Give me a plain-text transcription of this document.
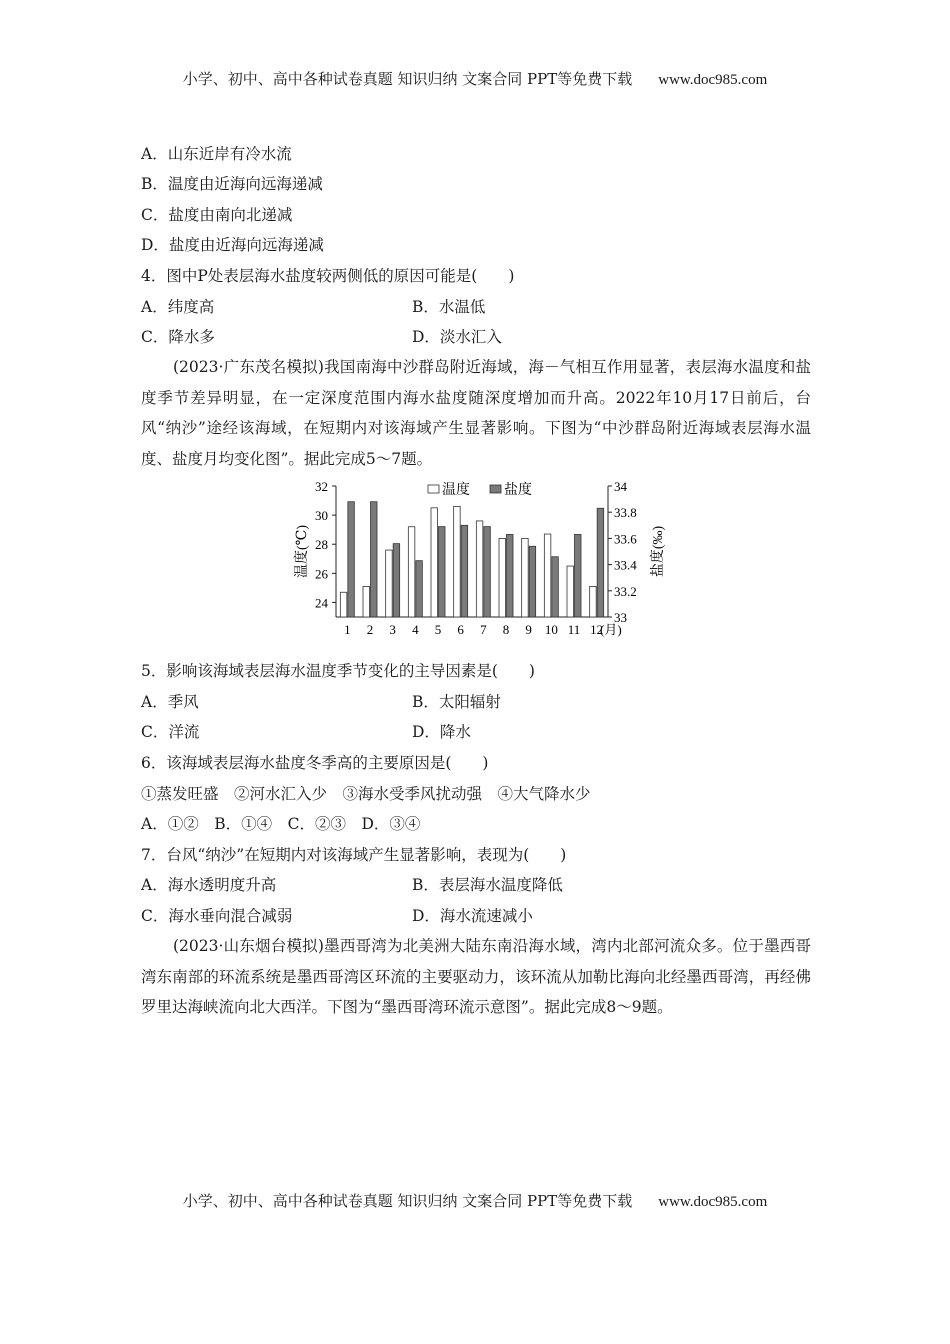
小学、初中、高中各种试卷真题 知识归纳 文案合同 PPT等免费下载 www.doc985.com
A．山东近岸有冷水流
B．温度由近海向远海递减
C．盐度由南向北递减
D．盐度由近海向远海递减
4．图中P处表层海水盐度较两侧低的原因可能是(　　)
A．纬度高	B．水温低
C．降水多	D．淡水汇入

(2023·广东茂名模拟)我国南海中沙群岛附近海域，海－气相互作用显著，表层海水温度和盐度季节差异明显，在一定深度范围内海水盐度随深度增加而升高。2022年10月17日前后，台风“纳沙”途经该海域，在短期内对该海域产生显著影响。下图为“中沙群岛附近海域表层海水温度、盐度月均变化图”。据此完成5～7题。

24
26
28
30
32
33
33.2
33.4
33.6
33.8
34
温度(℃)	盐度(‰)
1 2 3 4 5 6 7 8 9 10 11 12
(月)
温度 盐度
5．影响该海域表层海水温度季节变化的主导因素是(　　)
A．季风	B．太阳辐射
C．洋流	D．降水
6．该海域表层海水盐度冬季高的主要原因是(　　)
①蒸发旺盛　②河水汇入少　③海水受季风扰动强　④大气降水少
A．①②　B．①④　C．②③　D．③④
7．台风“纳沙”在短期内对该海域产生显著影响，表现为(　　)
A．海水透明度升高	B．表层海水温度降低
C．海水垂向混合减弱	D．海水流速减小

(2023·山东烟台模拟)墨西哥湾为北美洲大陆东南沿海水域，湾内北部河流众多。位于墨西哥湾东南部的环流系统是墨西哥湾区环流的主要驱动力，该环流从加勒比海向北经墨西哥湾，再经佛罗里达海峡流向北大西洋。下图为“墨西哥湾环流示意图”。据此完成8～9题。

小学、初中、高中各种试卷真题 知识归纳 文案合同 PPT等免费下载 www.doc985.com
